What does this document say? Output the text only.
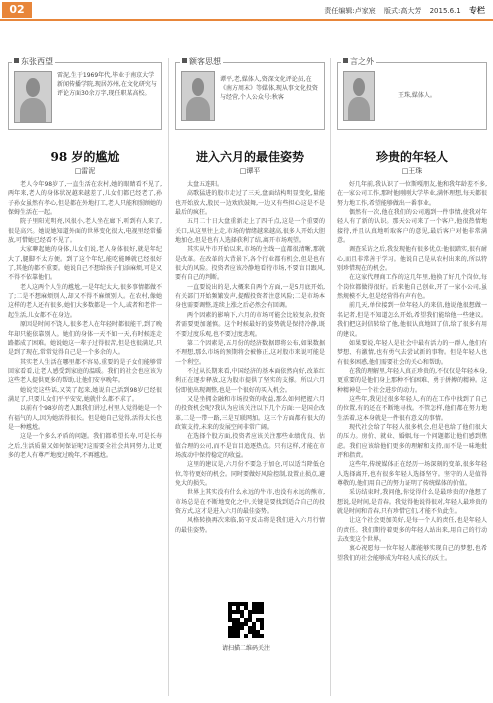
02	责任编辑:卢家宸 版式:高大芳 2015.6.1 专栏
雷泥,生于1969年代,毕业于南京大学新闻传播学院,现居苏州,在文化研究与评论方面30余万字,现任职某高校。
东张西望
98 岁的尴尬
□雷泥

老人今年98岁了,一直生活在农村,她的眼睛看不见了,两年来,老人的身体状况越来越差了,儿女们都已经老了,孙子孙女虽然有孝心,但是都在外地打工,老人只能和照顾她的保姆生活在一起。

院子里阳光明亮,风很小,老人坐在廊下,听到有人来了,很是高兴。她说她知道外面的世界变化很大,电视里经常播放,可惜她已经看不见了。

大家聊起她的身体,儿女们说,老人身体很好,就是年纪大了,腿脚不太方便。到了这个年纪,能吃能睡就已经很好了,其他的都不重要。她说自己不想给孩子们添麻烦,可是又不得不依靠他们。

老人这两个人生的尴尬,一是年纪太大,很多事情都做不了;二是不想麻烦别人,却又不得不麻烦别人。在农村,像她这样的老人还有很多,她们大多数都是一个人,或者和老伴一起生活,儿女都不在身边。

原因是时间不饶人,很多老人在年轻时都很能干,到了晚年却只能依靠别人。她们的身体一天不如一天,有时候连走路都成了困难。她说她这一辈子过得很苦,但是也很满足,只是到了现在,常常觉得自己是一个多余的人。

其实老人生活在哪里都不容易,重要的是子女们能够常回家看看,让老人感受到家庭的温暖。我们的社会也应该为这些老人提供更多的帮助,让他们安享晚年。

她说完这些话,又笑了起来,她说自己活到98岁已经很满足了,只要儿女们平平安安,她就什么都不求了。

以前有个98岁的老人跟我们讲过,村里人觉得她是一个有福气的人,因为她活得很长。但是她自己觉得,活得太长也是一种尴尬。

这是一个多么矛盾的问题。我们都希望长寿,可是长寿之后,生活质量又如何保证呢?这需要全社会共同努力,让更多的老人有尊严地度过晚年,不再尴尬。

谭平,老,媒体人,资深文化评论员,在《南方周末》等媒体,现从事文化投资与经营,个人公众号:秋客
额客思想
进入六月的最佳姿势
□谭平

太盘五连阳。

高歌猛进的股市走过了三天,盘面结构明显变化,量能也开始放大,股民一边欢欣鼓舞,一边又有些担心这是不是最后的疯狂。

五月二十日大盘重新走上了四千点,这是一个重要的关口,从这里往上走,市场的情绪越来越高,很多人开始大胆地加仓,但是也有人选择获利了结,离开市场观望。

其实从牛市开始以来,市场的主线一直都很清晰,那就是改革。在改革的大背景下,各个行业都有机会,但是也有很大的风险。投资者应该冷静地看待市场,不要盲目跟风,要有自己的判断。

一直要说出的是,大概来自两个方面,一是5月底开始,有关部门开始频繁发声,提醒投资者注意风险;二是市场本身也需要调整,连续上涨之后必然会有回调。

两个因素的影响下,六月的市场可能会比较复杂,投资者需要更加谨慎。这个时候最好的姿势就是保持冷静,既不要过度乐观,也不要过度悲观。

第二个因素是,五月份的经济数据即将公布,如果数据不理想,那么市场的预期将会被修正,这对股市来说可能是一个利空。

不过从长期来看,中国经济的基本面依然向好,改革红利正在逐步释放,这为股市提供了坚实的支撑。所以六月份即使出现调整,也是一个很好的买入机会。

又是坐拥金融和市场投资的收益,那么如何把握六月的投资机会呢?我认为应该关注以下几个方面:一是国企改革,二是一带一路,三是互联网加。这三个方面都有很大的政策支持,未来的发展空间非常广阔。

在选择个股方面,投资者应该关注那些业绩优良、估值合理的公司,而不是盲目追逐热点。只有这样,才能在市场波动中保持稳定的收益。

这里的建议是,六月份不要急于加仓,可以适当降低仓位,等待更好的机会。同时要做好风险控制,设置止损点,避免大的损失。

世界上其实没有什么永远的牛市,也没有永远的熊市,市场总是在不断地变化之中,关键是要找到适合自己的投资方式,这才是进入六月的最佳姿势。

风格转换再次来临,防守反击将是我们进入六月行情的最佳姿势。

请扫描二维码关注
王珠,媒体人。
言之外
珍贵的年轻人
□王珠

好几年前,我认识了一位斯嘎朋友,他和我年龄差不多,在一家公司工作,那时他刚刚大学毕业,满怀理想,每天都很努力地工作,希望能够做出一番事业。

偶然有一次,他在我们的公司遇到一件事情,使我对年轻人有了新的认识。那天公司来了一个客户,他很热情地接待,并且认真地听取客户的意见,最后客户对他非常满意。

调查采访之后,我发现他有很多优点:他很踏实,很有耐心,而且非常善于学习。他说自己是从农村出来的,所以特别珍惜现在的机会。

在这家代理商工作的这几年里,他换了好几个岗位,每个岗位都做得很好。后来他自己创业,开了一家小公司,虽然规模不大,但是经营得有声有色。

前几天,单位接到一位年轻人的来信,他说他很想做一名记者,但是不知道怎么开始,希望我们能给他一些建议。我们把这封信转给了他,他很认真地回了信,给了很多有用的建议。

如果要说,年轻人是社会中最有活力的一群人,他们有梦想、有激情,也有勇气去尝试新的事物。但是年轻人也有很多困惑,他们需要社会的关心和帮助。

在我的理解里,年轻人真正珍贵的,不仅仅是年轻本身,更重要的是他们身上那种不怕困难、勇于拼搏的精神。这种精神是一个社会进步的动力。

这些年,我见过很多年轻人,有的在工作中找到了自己的位置,有的还在不断地寻找。不管怎样,他们都在努力地生活着,这本身就是一件很有意义的事情。

现代社会给了年轻人很多机会,但是也给了他们很大的压力。房价、就业、婚姻,每一个问题都让他们感到焦虑。我们应该给他们更多的理解和支持,而不是一味地批评和指责。

这些年,传统媒体正在经历一场深刻的变革,很多年轻人选择离开,也有很多年轻人选择坚守。坚守的人是值得尊敬的,他们用自己的努力证明了传统媒体的价值。

采访结束时,我问他,你觉得什么是最珍贵的?他想了想说,是时间,是青春。我觉得他说得很对,年轻人最珍贵的就是时间和青春,只有珍惜它们,才能不负此生。

让这个社会更加美好,是每一个人的责任,也是年轻人的责任。我们期待着更多的年轻人站出来,用自己的行动去改变这个世界。

衷心祝愿每一位年轻人都能够实现自己的梦想,也希望我们的社会能够成为年轻人成长的沃土。
